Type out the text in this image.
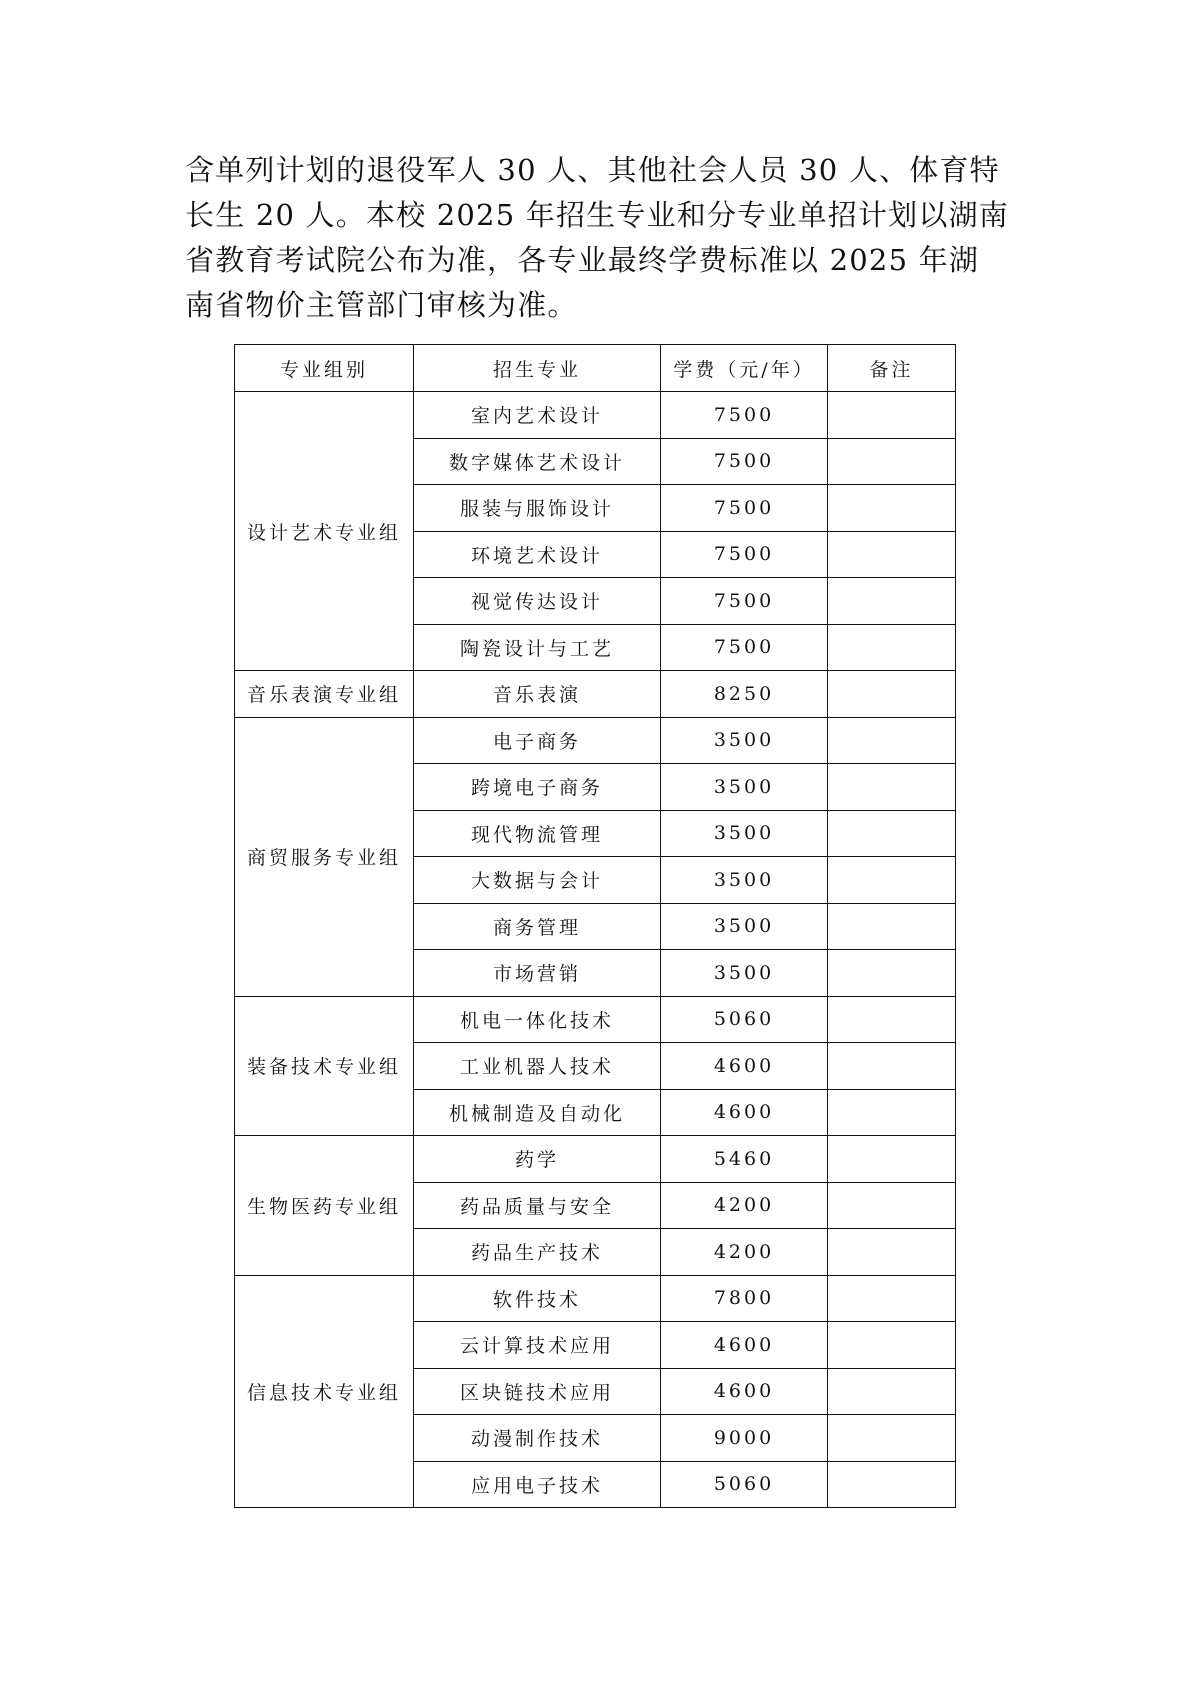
含单列计划的退役军人 30 人、其他社会人员 30 人、体育特
长生 20 人。本校 2025 年招生专业和分专业单招计划以湖南
省教育考试院公布为准，各专业最终学费标准以 2025 年湖
南省物价主管部门审核为准。

专业组别	招生专业	学费（元/年）	备注
设计艺术专业组	室内艺术设计	7500	
	数字媒体艺术设计	7500	
	服装与服饰设计	7500	
	环境艺术设计	7500	
	视觉传达设计	7500	
	陶瓷设计与工艺	7500	
音乐表演专业组	音乐表演	8250	
商贸服务专业组	电子商务	3500	
	跨境电子商务	3500	
	现代物流管理	3500	
	大数据与会计	3500	
	商务管理	3500	
	市场营销	3500	
装备技术专业组	机电一体化技术	5060	
	工业机器人技术	4600	
	机械制造及自动化	4600	
生物医药专业组	药学	5460	
	药品质量与安全	4200	
	药品生产技术	4200	
信息技术专业组	软件技术	7800	
	云计算技术应用	4600	
	区块链技术应用	4600	
	动漫制作技术	9000	
	应用电子技术	5060	
